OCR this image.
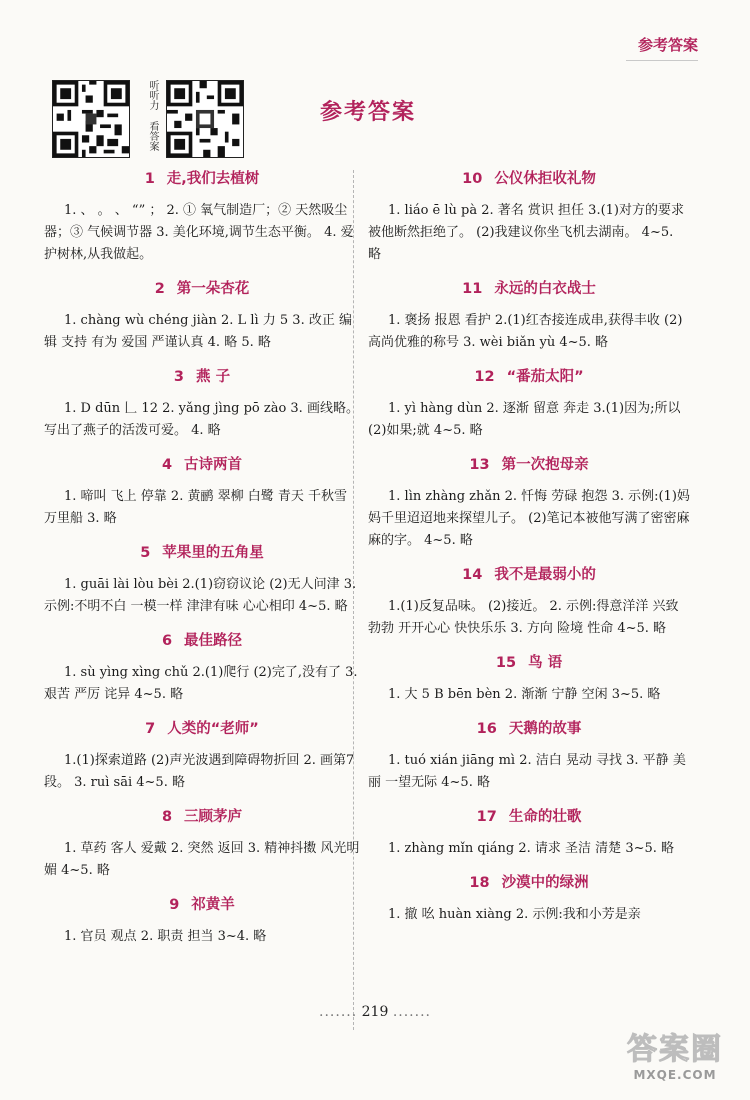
参考答案
听听力 看答案	参考答案
1 走,我们去植树

1. 、 。 、 “” ； 2. ① 氧气制造厂；② 天然吸尘器；③ 气候调节器 3. 美化环境,调节生态平衡。 4. 爱护树林,从我做起。

2 第一朵杏花

1. chàng wù chéng jiàn 2. L lì 力 5 3. 改正 编辑 支持 有为 爱国 严谨认真 4. 略 5. 略

3 燕 子

1. D dūn 𠃊 12 2. yǎng jìng pō zào 3. 画线略。写出了燕子的活泼可爱。 4. 略

4 古诗两首

1. 啼叫 飞上 停靠 2. 黄鹂 翠柳 白鹭 青天 千秋雪 万里船 3. 略

5 苹果里的五角星

1. guāi lài lòu bèi 2.(1)窃窃议论 (2)无人问津 3. 示例:不明不白 一模一样 津津有味 心心相印 4~5. 略

6 最佳路径

1. sù yìng xìng chǔ 2.(1)爬行 (2)完了,没有了 3. 艰苦 严厉 诧异 4~5. 略

7 人类的“老师”

1.(1)探索道路 (2)声光波遇到障碍物折回 2. 画第7段。 3. ruì sāi 4~5. 略

8 三顾茅庐

1. 草药 客人 爱戴 2. 突然 返回 3. 精神抖擞 风光明媚 4~5. 略

9 祁黄羊

1. 官员 观点 2. 职责 担当 3~4. 略

10 公仪休拒收礼物

1. liáo ē lù pà 2. 著名 赏识 担任 3.(1)对方的要求被他断然拒绝了。 (2)我建议你坐飞机去湖南。 4~5. 略

11 永远的白衣战士

1. 褒扬 报恩 看护 2.(1)红杏接连成串,获得丰收 (2)高尚优雅的称号 3. wèi biǎn yù 4~5. 略

12 “番茄太阳”

1. yì hàng dùn 2. 逐渐 留意 奔走 3.(1)因为;所以 (2)如果;就 4~5. 略

13 第一次抱母亲

1. lìn zhàng zhǎn 2. 忏悔 劳碌 抱怨 3. 示例:(1)妈妈千里迢迢地来探望儿子。 (2)笔记本被他写满了密密麻麻的字。 4~5. 略

14 我不是最弱小的

1.(1)反复品味。 (2)接近。 2. 示例:得意洋洋 兴致勃勃 开开心心 快快乐乐 3. 方向 险境 性命 4~5. 略

15 鸟 语

1. 大 5 B bēn bèn 2. 渐渐 宁静 空闲 3~5. 略

16 天鹅的故事

1. tuó xián jiāng mì 2. 洁白 晃动 寻找 3. 平静 美丽 一望无际 4~5. 略

17 生命的壮歌

1. zhàng mǐn qiáng 2. 请求 圣洁 清楚 3~5. 略

18 沙漠中的绿洲

1. 撤 吆 huàn xiàng 2. 示例:我和小芳是亲

....... 219 .......
答案圈
MXQE.COM
